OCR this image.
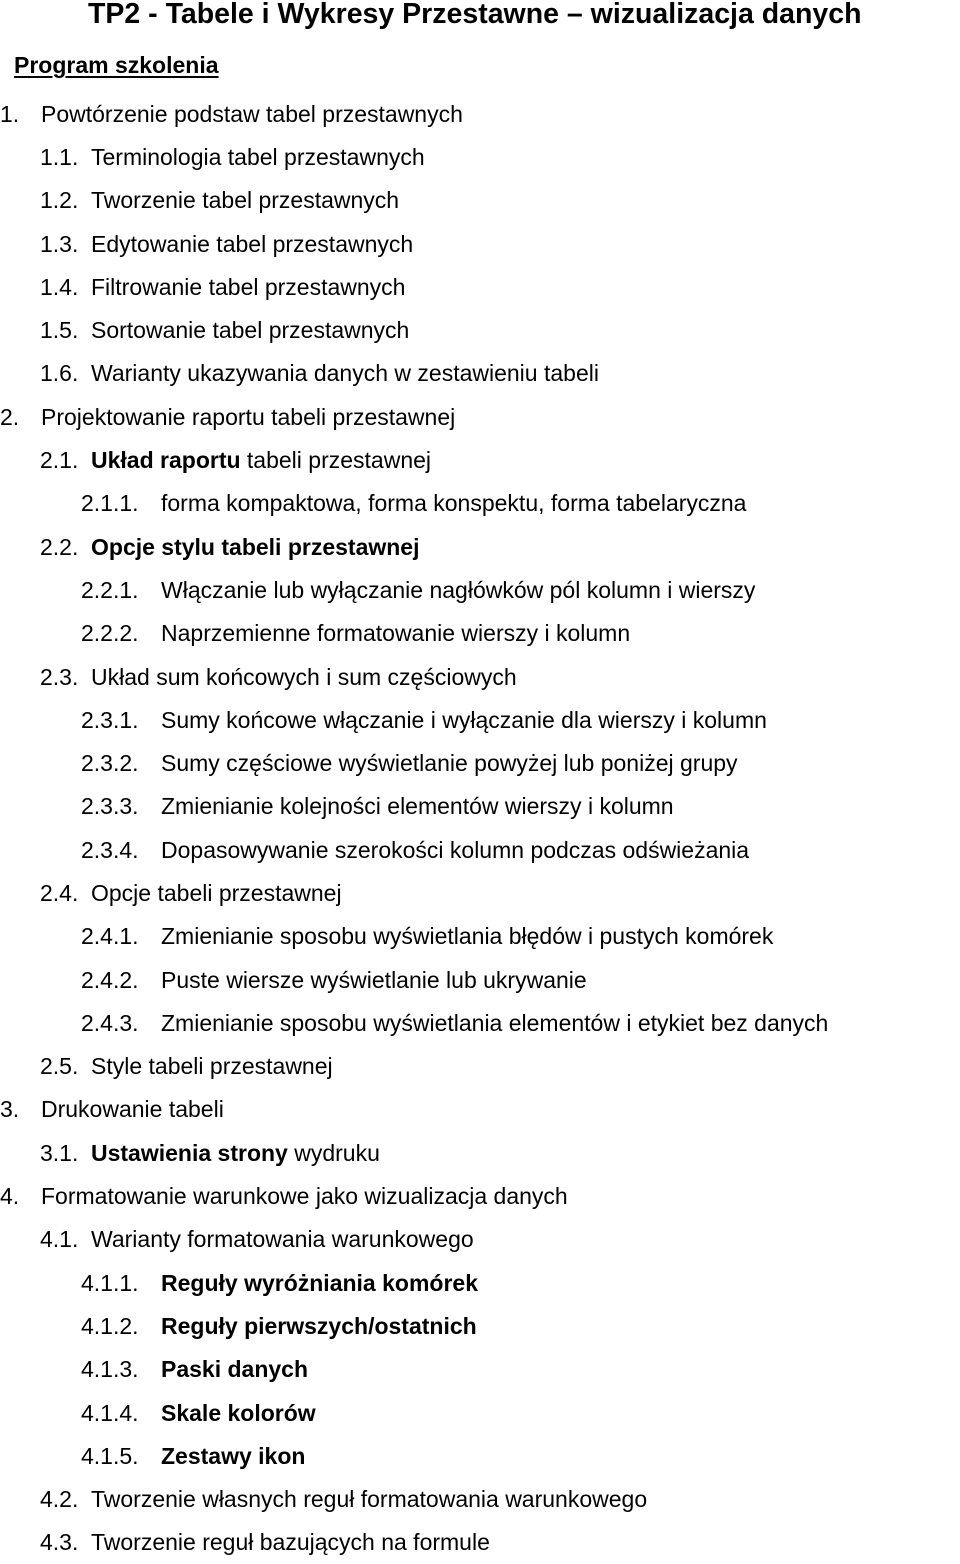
TP2 - Tabele i Wykresy Przestawne – wizualizacja danych
Program szkolenia
1. Powtórzenie podstaw tabel przestawnych
1.1. Terminologia tabel przestawnych
1.2. Tworzenie tabel przestawnych
1.3. Edytowanie tabel przestawnych
1.4. Filtrowanie tabel przestawnych
1.5. Sortowanie tabel przestawnych
1.6. Warianty ukazywania danych w zestawieniu tabeli
2. Projektowanie raportu tabeli przestawnej
2.1. Układ raportu tabeli przestawnej
2.1.1. forma kompaktowa, forma konspektu, forma tabelaryczna
2.2. Opcje stylu tabeli przestawnej
2.2.1. Włączanie lub wyłączanie nagłówków pól kolumn i wierszy
2.2.2. Naprzemienne formatowanie wierszy i kolumn
2.3. Układ sum końcowych i sum częściowych
2.3.1. Sumy końcowe włączanie i wyłączanie dla wierszy i kolumn
2.3.2. Sumy częściowe wyświetlanie powyżej lub poniżej grupy
2.3.3. Zmienianie kolejności elementów wierszy i kolumn
2.3.4. Dopasowywanie szerokości kolumn podczas odświeżania
2.4. Opcje tabeli przestawnej
2.4.1. Zmienianie sposobu wyświetlania błędów i pustych komórek
2.4.2. Puste wiersze wyświetlanie lub ukrywanie
2.4.3. Zmienianie sposobu wyświetlania elementów i etykiet bez danych
2.5. Style tabeli przestawnej
3. Drukowanie tabeli
3.1. Ustawienia strony wydruku
4. Formatowanie warunkowe jako wizualizacja danych
4.1. Warianty formatowania warunkowego
4.1.1. Reguły wyróżniania komórek
4.1.2. Reguły pierwszych/ostatnich
4.1.3. Paski danych
4.1.4. Skale kolorów
4.1.5. Zestawy ikon
4.2. Tworzenie własnych reguł formatowania warunkowego
4.3. Tworzenie reguł bazujących na formule
